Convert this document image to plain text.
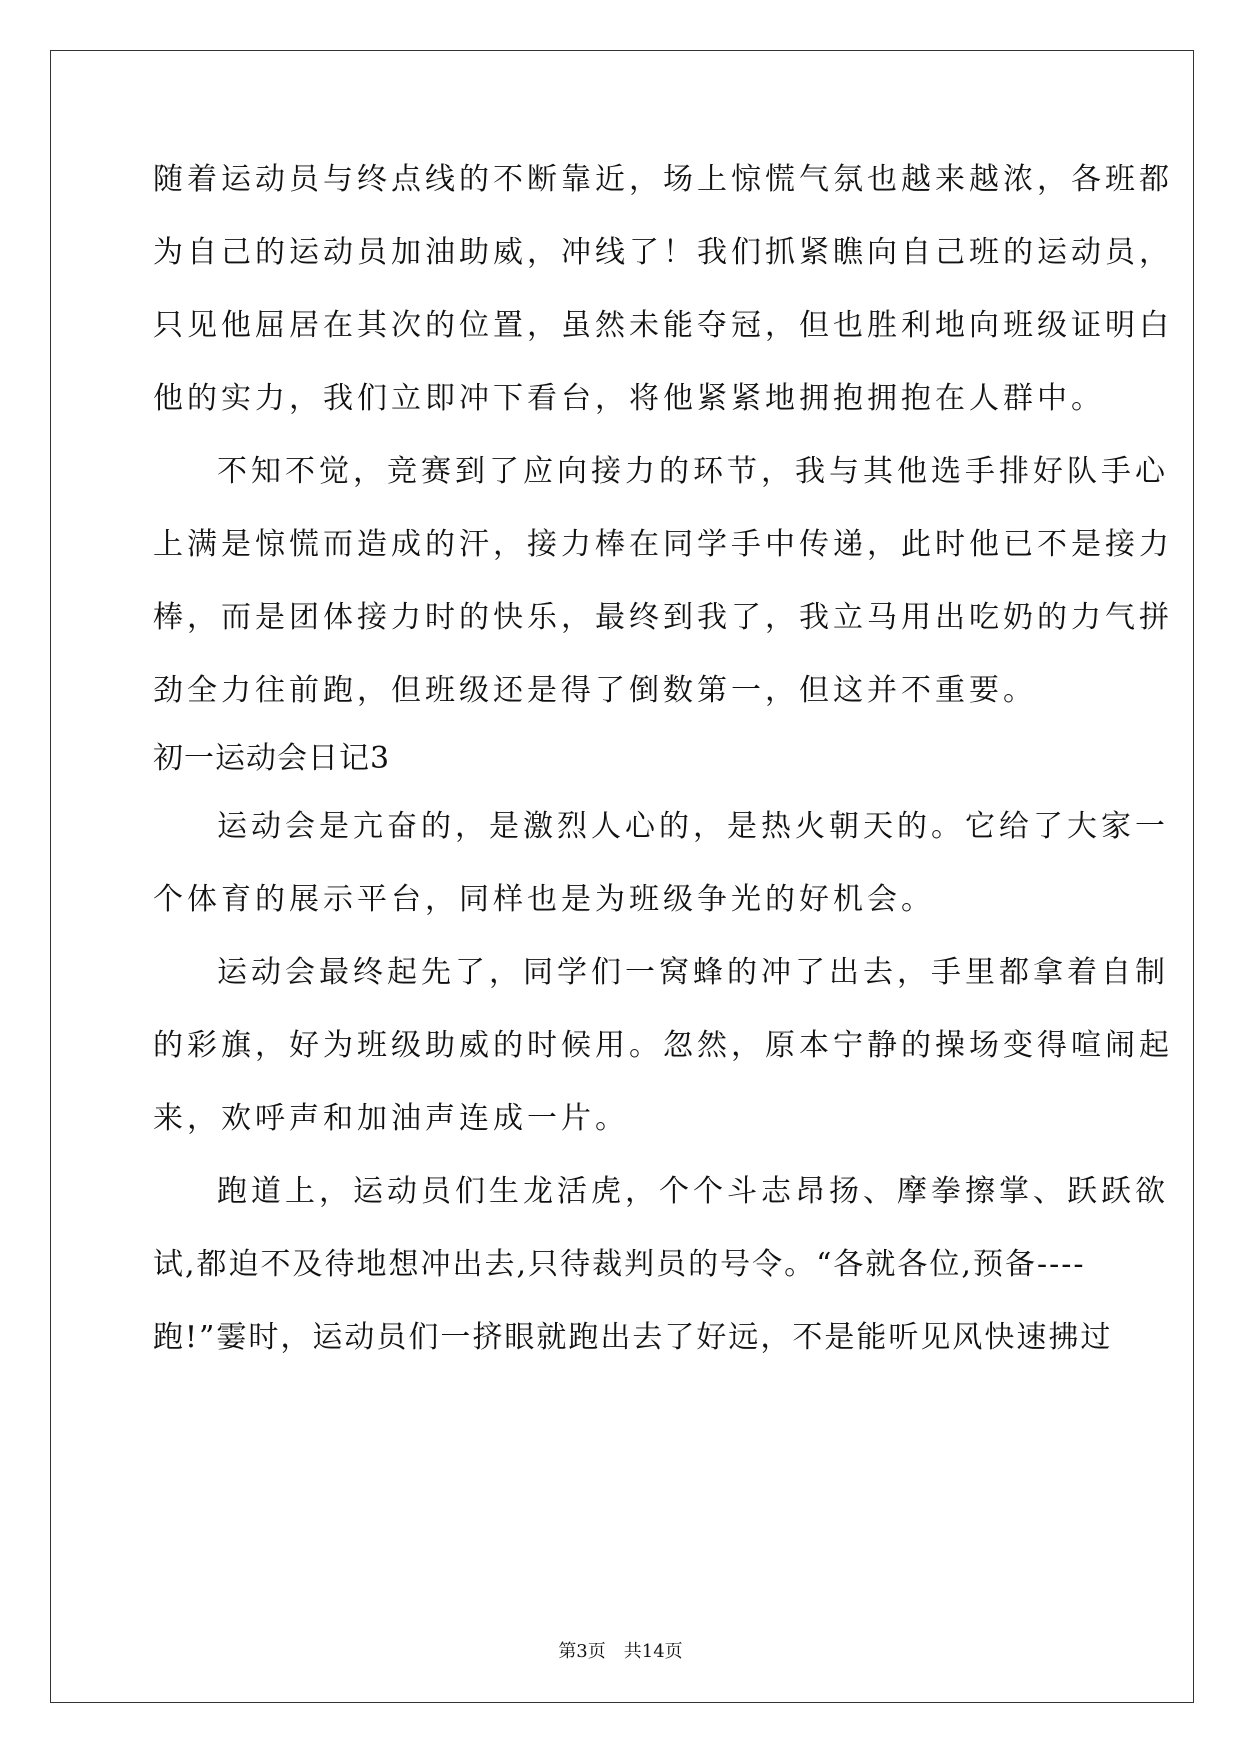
随着运动员与终点线的不断靠近，场上惊慌气氛也越来越浓，各班都
为自己的运动员加油助威，冲线了！我们抓紧瞧向自己班的运动员，
只见他屈居在其次的位置，虽然未能夺冠，但也胜利地向班级证明白
他的实力，我们立即冲下看台，将他紧紧地拥抱拥抱在人群中。
不知不觉，竞赛到了应向接力的环节，我与其他选手排好队手心
上满是惊慌而造成的汗，接力棒在同学手中传递，此时他已不是接力
棒，而是团体接力时的快乐，最终到我了，我立马用出吃奶的力气拼
劲全力往前跑，但班级还是得了倒数第一，但这并不重要。
初一运动会日记3
运动会是亢奋的，是激烈人心的，是热火朝天的。它给了大家一
个体育的展示平台，同样也是为班级争光的好机会。
运动会最终起先了，同学们一窝蜂的冲了出去，手里都拿着自制
的彩旗，好为班级助威的时候用。忽然，原本宁静的操场变得喧闹起
来，欢呼声和加油声连成一片。
跑道上，运动员们生龙活虎，个个斗志昂扬、摩拳擦掌、跃跃欲
试,都迫不及待地想冲出去,只待裁判员的号令。“各就各位,预备----
跑!”霎时，运动员们一挤眼就跑出去了好远，不是能听见风快速拂过
第3页 共14页
